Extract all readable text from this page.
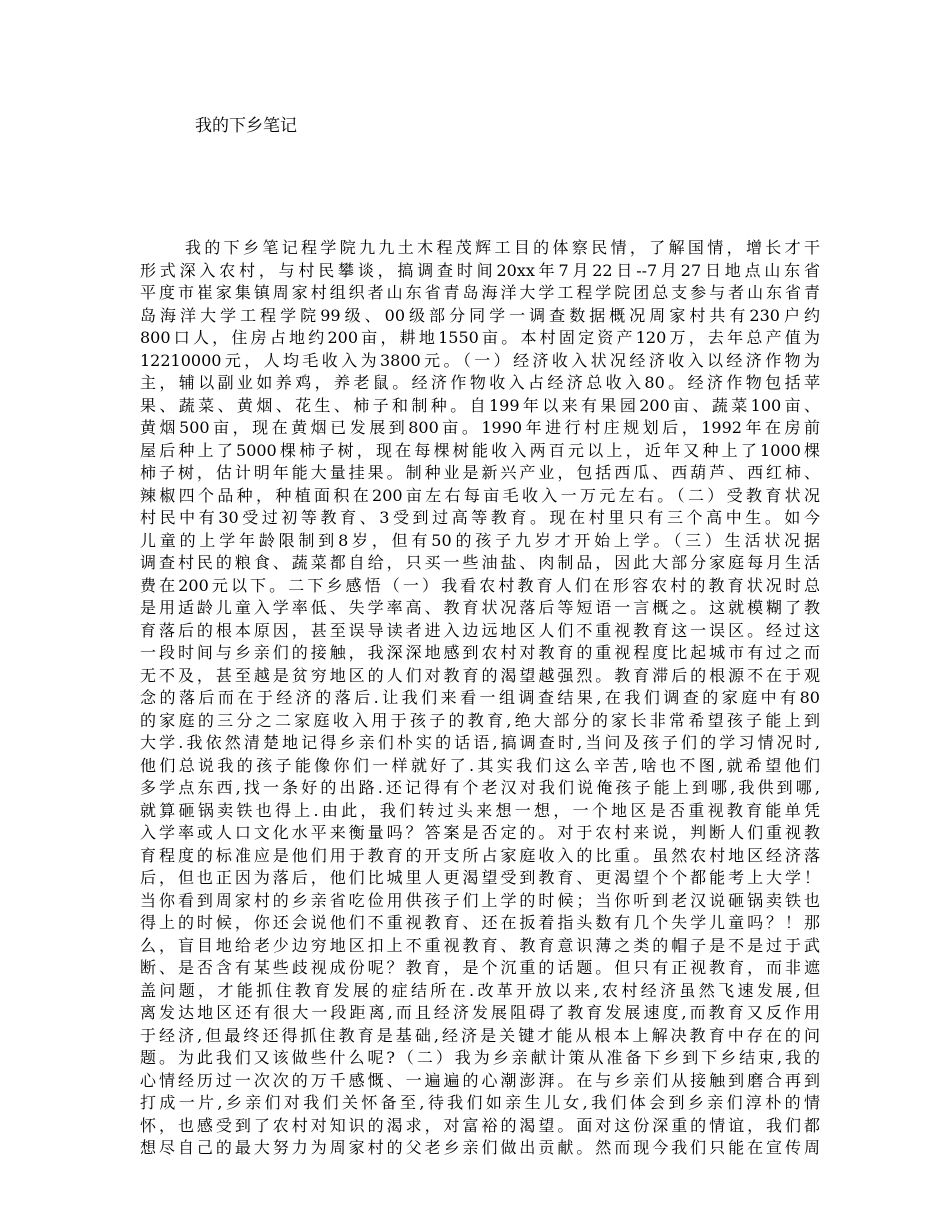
我的下乡笔记
我的下乡笔记程学院九九土木程茂辉工目的体察民情，了解国情，增长才干
形式深入农村，与村民攀谈，搞调查时间20xx年7月22日--7月27日地点山东省
平度市崔家集镇周家村组织者山东省青岛海洋大学工程学院团总支参与者山东省青
岛海洋大学工程学院99级、00级部分同学一调查数据概况周家村共有230户约
800口人，住房占地约200亩，耕地1550亩。本村固定资产120万，去年总产值为
12210000元，人均毛收入为3800元。（一）经济收入状况经济收入以经济作物为
主，辅以副业如养鸡，养老鼠。经济作物收入占经济总收入80。经济作物包括苹
果、蔬菜、黄烟、花生、柿子和制种。自199年以来有果园200亩、蔬菜100亩、
黄烟500亩，现在黄烟已发展到800亩。1990年进行村庄规划后，1992年在房前
屋后种上了5000棵柿子树，现在每棵树能收入两百元以上，近年又种上了1000棵
柿子树，估计明年能大量挂果。制种业是新兴产业，包括西瓜、西葫芦、西红柿、
辣椒四个品种，种植面积在200亩左右每亩毛收入一万元左右。（二）受教育状况
村民中有30受过初等教育、3受到过高等教育。现在村里只有三个高中生。如今
儿童的上学年龄限制到8岁，但有50的孩子九岁才开始上学。（三）生活状况据
调查村民的粮食、蔬菜都自给，只买一些油盐、肉制品，因此大部分家庭每月生活
费在200元以下。二下乡感悟（一）我看农村教育人们在形容农村的教育状况时总
是用适龄儿童入学率低、失学率高、教育状况落后等短语一言概之。这就模糊了教
育落后的根本原因，甚至误导读者进入边远地区人们不重视教育这一误区。经过这
一段时间与乡亲们的接触，我深深地感到农村对教育的重视程度比起城市有过之而
无不及，甚至越是贫穷地区的人们对教育的渴望越强烈。教育滞后的根源不在于观
念的落后而在于经济的落后.让我们来看一组调查结果,在我们调查的家庭中有80
的家庭的三分之二家庭收入用于孩子的教育,绝大部分的家长非常希望孩子能上到
大学.我依然清楚地记得乡亲们朴实的话语,搞调查时,当问及孩子们的学习情况时,
他们总说我的孩子能像你们一样就好了.其实我们这么辛苦,啥也不图,就希望他们
多学点东西,找一条好的出路.还记得有个老汉对我们说俺孩子能上到哪,我供到哪,
就算砸锅卖铁也得上.由此，我们转过头来想一想，一个地区是否重视教育能单凭
入学率或人口文化水平来衡量吗？答案是否定的。对于农村来说，判断人们重视教
育程度的标准应是他们用于教育的开支所占家庭收入的比重。虽然农村地区经济落
后，但也正因为落后，他们比城里人更渴望受到教育、更渴望个个都能考上大学！
当你看到周家村的乡亲省吃俭用供孩子们上学的时候；当你听到老汉说砸锅卖铁也
得上的时候，你还会说他们不重视教育、还在扳着指头数有几个失学儿童吗？！那
么，盲目地给老少边穷地区扣上不重视教育、教育意识薄之类的帽子是不是过于武
断、是否含有某些歧视成份呢？教育，是个沉重的话题。但只有正视教育，而非遮
盖问题，才能抓住教育发展的症结所在.改革开放以来,农村经济虽然飞速发展,但
离发达地区还有很大一段距离,而且经济发展阻碍了教育发展速度,而教育又反作用
于经济,但最终还得抓住教育是基础,经济是关键才能从根本上解决教育中存在的问
题。为此我们又该做些什么呢?（二）我为乡亲献计策从准备下乡到下乡结束,我的
心情经历过一次次的万千感慨、一遍遍的心潮澎湃。在与乡亲们从接触到磨合再到
打成一片,乡亲们对我们关怀备至,待我们如亲生儿女,我们体会到乡亲们淳朴的情
怀，也感受到了农村对知识的渴求，对富裕的渴望。面对这份深重的情谊，我们都
想尽自己的最大努力为周家村的父老乡亲们做出贡献。然而现今我们只能在宣传周
